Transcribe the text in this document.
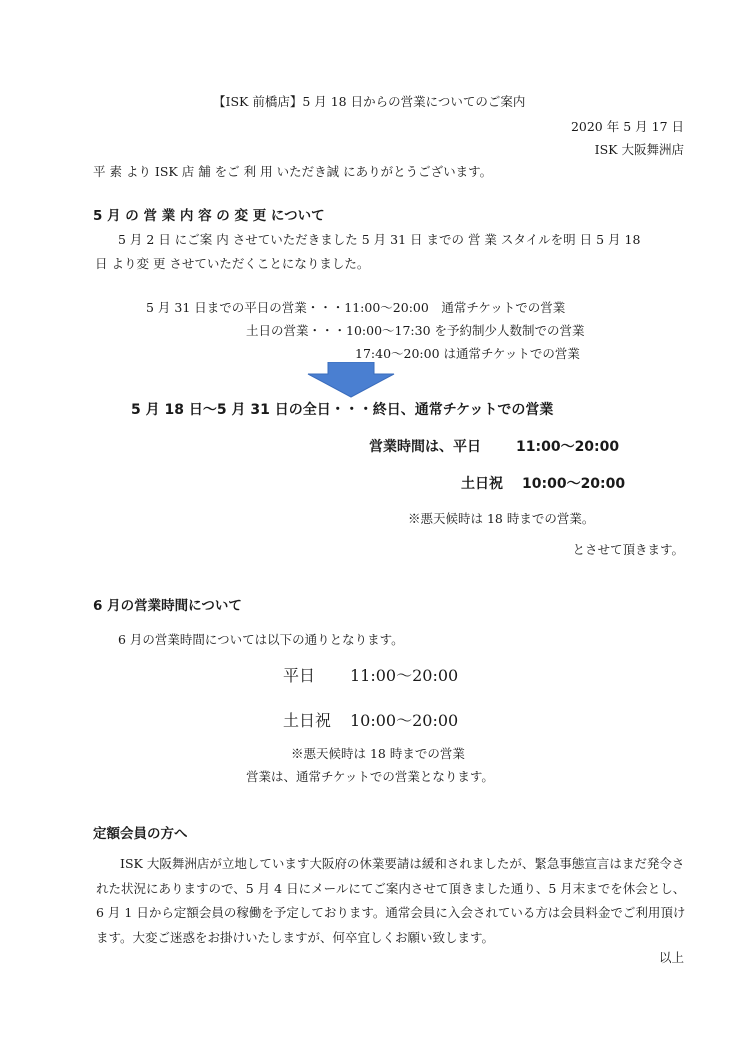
【ISK 前橋店】5 月 18 日からの営業についてのご案内
2020 年 5 月 17 日
ISK 大阪舞洲店
平 素 より ISK 店 舗 をご 利 用 いただき誠 にありがとうございます。
5 月 の 営 業 内 容 の 変 更 について
5 月 2 日 にご案 内 させていただきました 5 月 31 日 までの 営 業 スタイルを明 日 5 月 18
日 より変 更 させていただくことになりました。
5 月 31 日までの平日の営業・・・11:00～20:00　通常チケットでの営業
土日の営業・・・10:00～17:30 を予約制少人数制での営業
17:40～20:00 は通常チケットでの営業
5 月 18 日～5 月 31 日の全日・・・終日、通常チケットでの営業
営業時間は、平日	11:00～20:00
土日祝 10:00～20:00
※悪天候時は 18 時までの営業。
とさせて頂きます。
6 月の営業時間について
6 月の営業時間については以下の通りとなります。
平日 11:00～20:00
土日祝 10:00～20:00
※悪天候時は 18 時までの営業
営業は、通常チケットでの営業となります。
定額会員の方へ
ISK 大阪舞洲店が立地しています大阪府の休業要請は緩和されましたが、緊急事態宣言はまだ発令された状況にありますので、5 月 4 日にメールにてご案内させて頂きました通り、5 月末までを休会とし、6 月 1 日から定額会員の稼働を予定しております。通常会員に入会されている方は会員料金でご利用頂けます。大変ご迷惑をお掛けいたしますが、何卒宜しくお願い致します。
以上
